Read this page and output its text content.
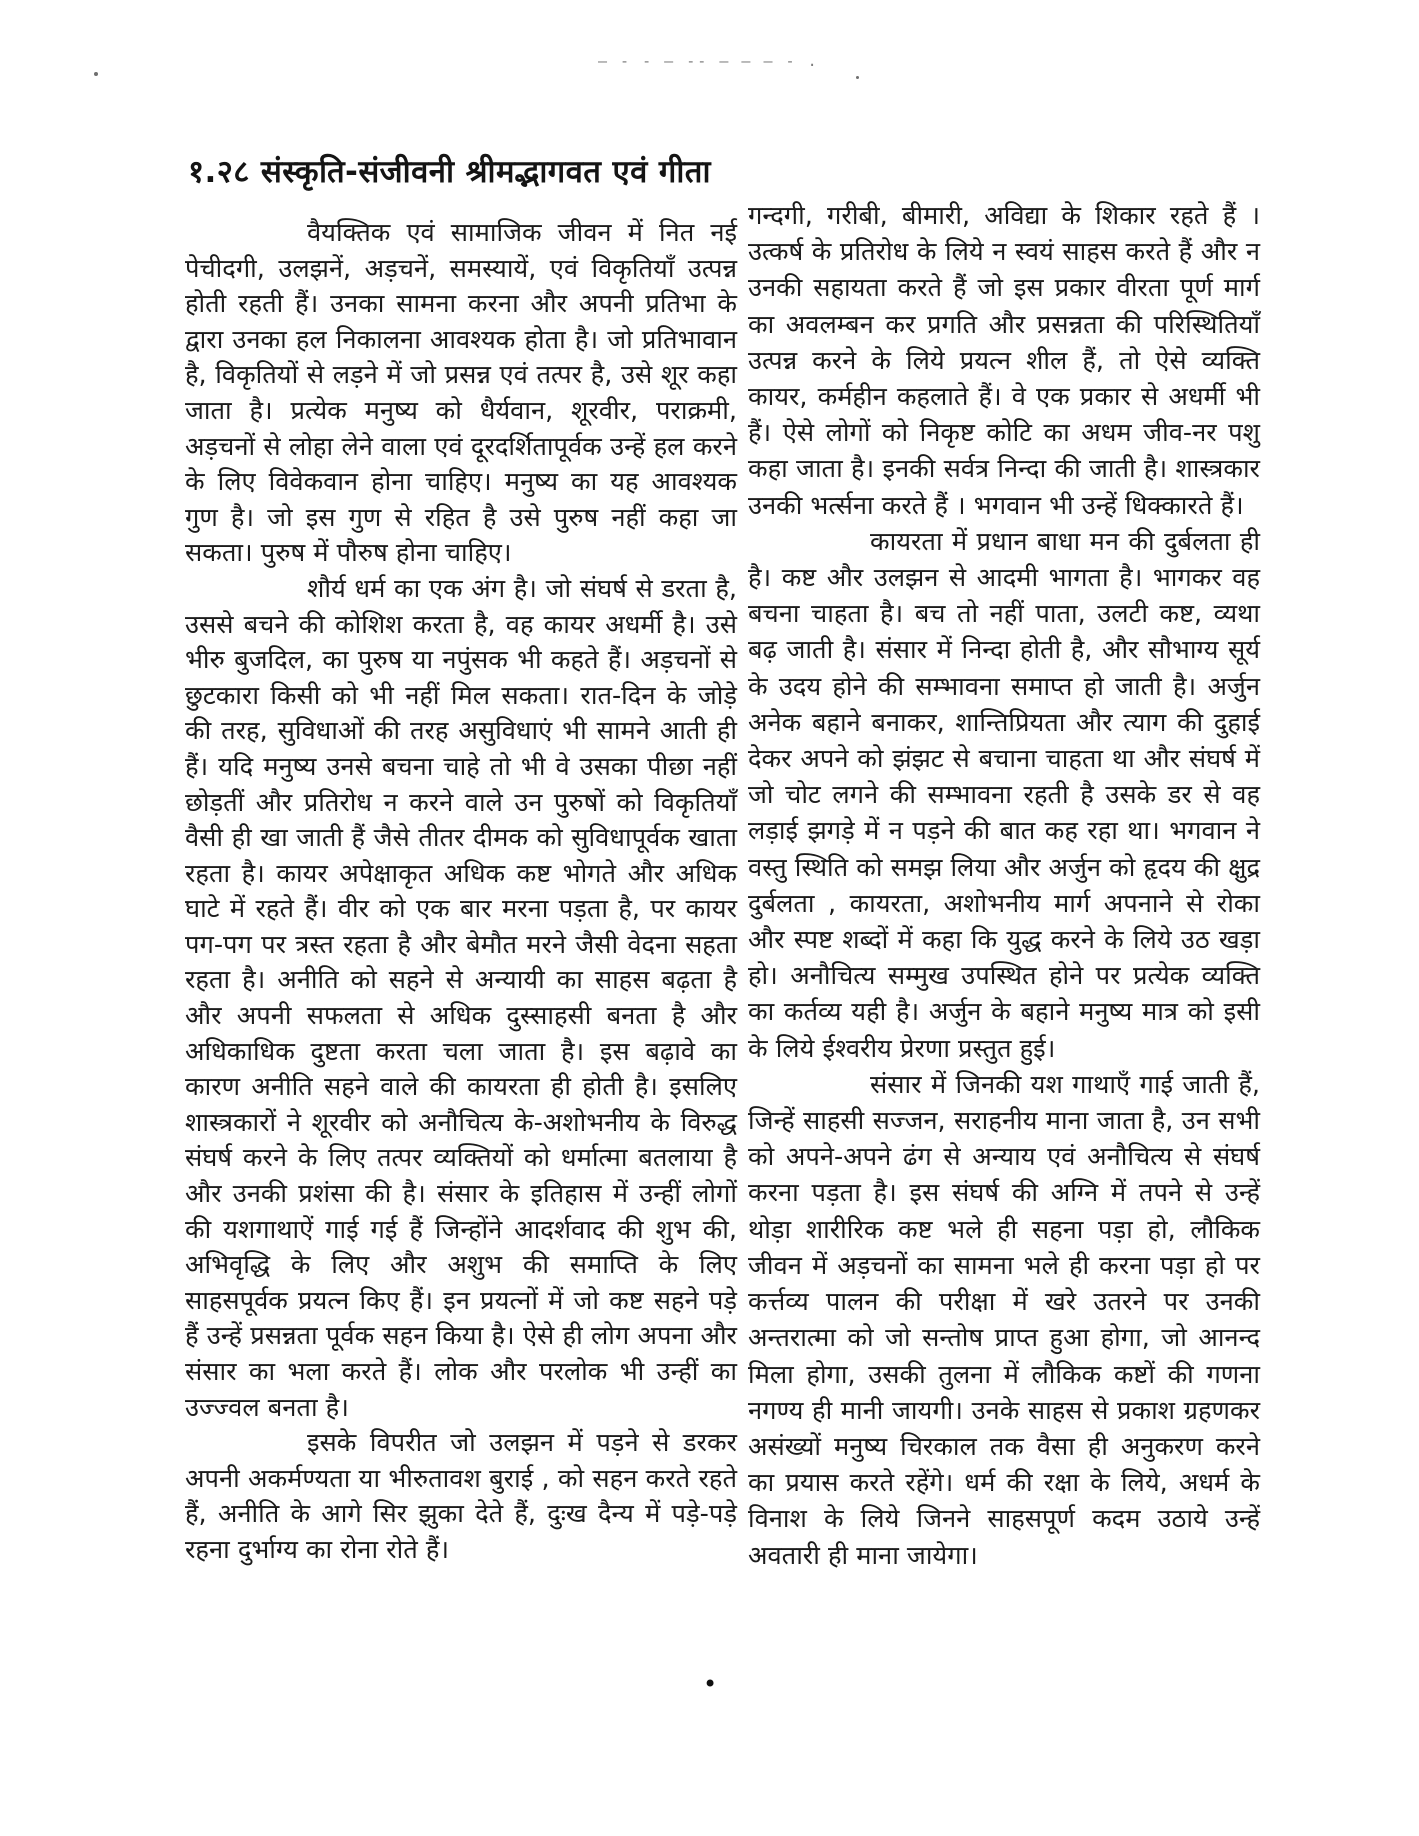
– - - – -- – – – - .
१.२८ संस्कृति-संजीवनी श्रीमद्भागवत एवं गीता

वैयक्तिक एवं सामाजिक जीवन में नित नई पेचीदगी, उलझनें, अड़चनें, समस्यायें, एवं विकृतियाँ उत्पन्न होती रहती हैं। उनका सामना करना और अपनी प्रतिभा के द्वारा उनका हल निकालना आवश्यक होता है। जो प्रतिभावान है, विकृतियों से लड़ने में जो प्रसन्न एवं तत्पर है, उसे शूर कहा जाता है। प्रत्येक मनुष्य को धैर्यवान, शूरवीर, पराक्रमी, अड़चनों से लोहा लेने वाला एवं दूरदर्शितापूर्वक उन्हें हल करने के लिए विवेकवान होना चाहिए। मनुष्य का यह आवश्यक गुण है। जो इस गुण से रहित है उसे पुरुष नहीं कहा जा सकता। पुरुष में पौरुष होना चाहिए।

शौर्य धर्म का एक अंग है। जो संघर्ष से डरता है, उससे बचने की कोशिश करता है, वह कायर अधर्मी है। उसे भीरु बुजदिल, का पुरुष या नपुंसक भी कहते हैं। अड़चनों से छुटकारा किसी को भी नहीं मिल सकता। रात-दिन के जोड़े की तरह, सुविधाओं की तरह असुविधाएं भी सामने आती ही हैं। यदि मनुष्य उनसे बचना चाहे तो भी वे उसका पीछा नहीं छोड़तीं और प्रतिरोध न करने वाले उन पुरुषों को विकृतियाँ वैसी ही खा जाती हैं जैसे तीतर दीमक को सुविधापूर्वक खाता रहता है। कायर अपेक्षाकृत अधिक कष्ट भोगते और अधिक घाटे में रहते हैं। वीर को एक बार मरना पड़ता है, पर कायर पग-पग पर त्रस्त रहता है और बेमौत मरने जैसी वेदना सहता रहता है। अनीति को सहने से अन्यायी का साहस बढ़ता है और अपनी सफलता से अधिक दुस्साहसी बनता है और अधिकाधिक दुष्टता करता चला जाता है। इस बढ़ावे का कारण अनीति सहने वाले की कायरता ही होती है। इसलिए शास्त्रकारों ने शूरवीर को अनौचित्य के-अशोभनीय के विरुद्ध संघर्ष करने के लिए तत्पर व्यक्तियों को धर्मात्मा बतलाया है और उनकी प्रशंसा की है। संसार के इतिहास में उन्हीं लोगों की यशगाथाऐं गाई गई हैं जिन्होंने आदर्शवाद की शुभ की, अभिवृद्धि के लिए और अशुभ की समाप्ति के लिए साहसपूर्वक प्रयत्न किए हैं। इन प्रयत्नों में जो कष्ट सहने पड़े हैं उन्हें प्रसन्नता पूर्वक सहन किया है। ऐसे ही लोग अपना और संसार का भला करते हैं। लोक और परलोक भी उन्हीं का उज्ज्वल बनता है।

इसके विपरीत जो उलझन में पड़ने से डरकर अपनी अकर्मण्यता या भीरुतावश बुराई , को सहन करते रहते हैं, अनीति के आगे सिर झुका देते हैं, दुःख दैन्य में पड़े-पड़े रहना दुर्भाग्य का रोना रोते हैं।

गन्दगी, गरीबी, बीमारी, अविद्या के शिकार रहते हैं । उत्कर्ष के प्रतिरोध के लिये न स्वयं साहस करते हैं और न उनकी सहायता करते हैं जो इस प्रकार वीरता पूर्ण मार्ग का अवलम्बन कर प्रगति और प्रसन्नता की परिस्थितियाँ उत्पन्न करने के लिये प्रयत्न शील हैं, तो ऐसे व्यक्ति कायर, कर्महीन कहलाते हैं। वे एक प्रकार से अधर्मी भी हैं। ऐसे लोगों को निकृष्ट कोटि का अधम जीव-नर पशु कहा जाता है। इनकी सर्वत्र निन्दा की जाती है। शास्त्रकार उनकी भर्त्सना करते हैं । भगवान भी उन्हें धिक्कारते हैं।

कायरता में प्रधान बाधा मन की दुर्बलता ही है। कष्ट और उलझन से आदमी भागता है। भागकर वह बचना चाहता है। बच तो नहीं पाता, उलटी कष्ट, व्यथा बढ़ जाती है। संसार में निन्दा होती है, और सौभाग्य सूर्य के उदय होने की सम्भावना समाप्त हो जाती है। अर्जुन अनेक बहाने बनाकर, शान्तिप्रियता और त्याग की दुहाई देकर अपने को झंझट से बचाना चाहता था और संघर्ष में जो चोट लगने की सम्भावना रहती है उसके डर से वह लड़ाई झगड़े में न पड़ने की बात कह रहा था। भगवान ने वस्तु स्थिति को समझ लिया और अर्जुन को हृदय की क्षुद्र दुर्बलता , कायरता, अशोभनीय मार्ग अपनाने से रोका और स्पष्ट शब्दों में कहा कि युद्ध करने के लिये उठ खड़ा हो। अनौचित्य सम्मुख उपस्थित होने पर प्रत्येक व्यक्ति का कर्तव्य यही है। अर्जुन के बहाने मनुष्य मात्र को इसी के लिये ईश्वरीय प्रेरणा प्रस्तुत हुई।

संसार में जिनकी यश गाथाएँ गाई जाती हैं, जिन्हें साहसी सज्जन, सराहनीय माना जाता है, उन सभी को अपने-अपने ढंग से अन्याय एवं अनौचित्य से संघर्ष करना पड़ता है। इस संघर्ष की अग्नि में तपने से उन्हें थोड़ा शारीरिक कष्ट भले ही सहना पड़ा हो, लौकिक जीवन में अड़चनों का सामना भले ही करना पड़ा हो पर कर्त्तव्य पालन की परीक्षा में खरे उतरने पर उनकी अन्तरात्मा को जो सन्तोष प्राप्त हुआ होगा, जो आनन्द मिला होगा, उसकी तुलना में लौकिक कष्टों की गणना नगण्य ही मानी जायगी। उनके साहस से प्रकाश ग्रहणकर असंख्यों मनुष्य चिरकाल तक वैसा ही अनुकरण करने का प्रयास करते रहेंगे। धर्म की रक्षा के लिये, अधर्म के विनाश के लिये जिनने साहसपूर्ण कदम उठाये उन्हें अवतारी ही माना जायेगा।

•
